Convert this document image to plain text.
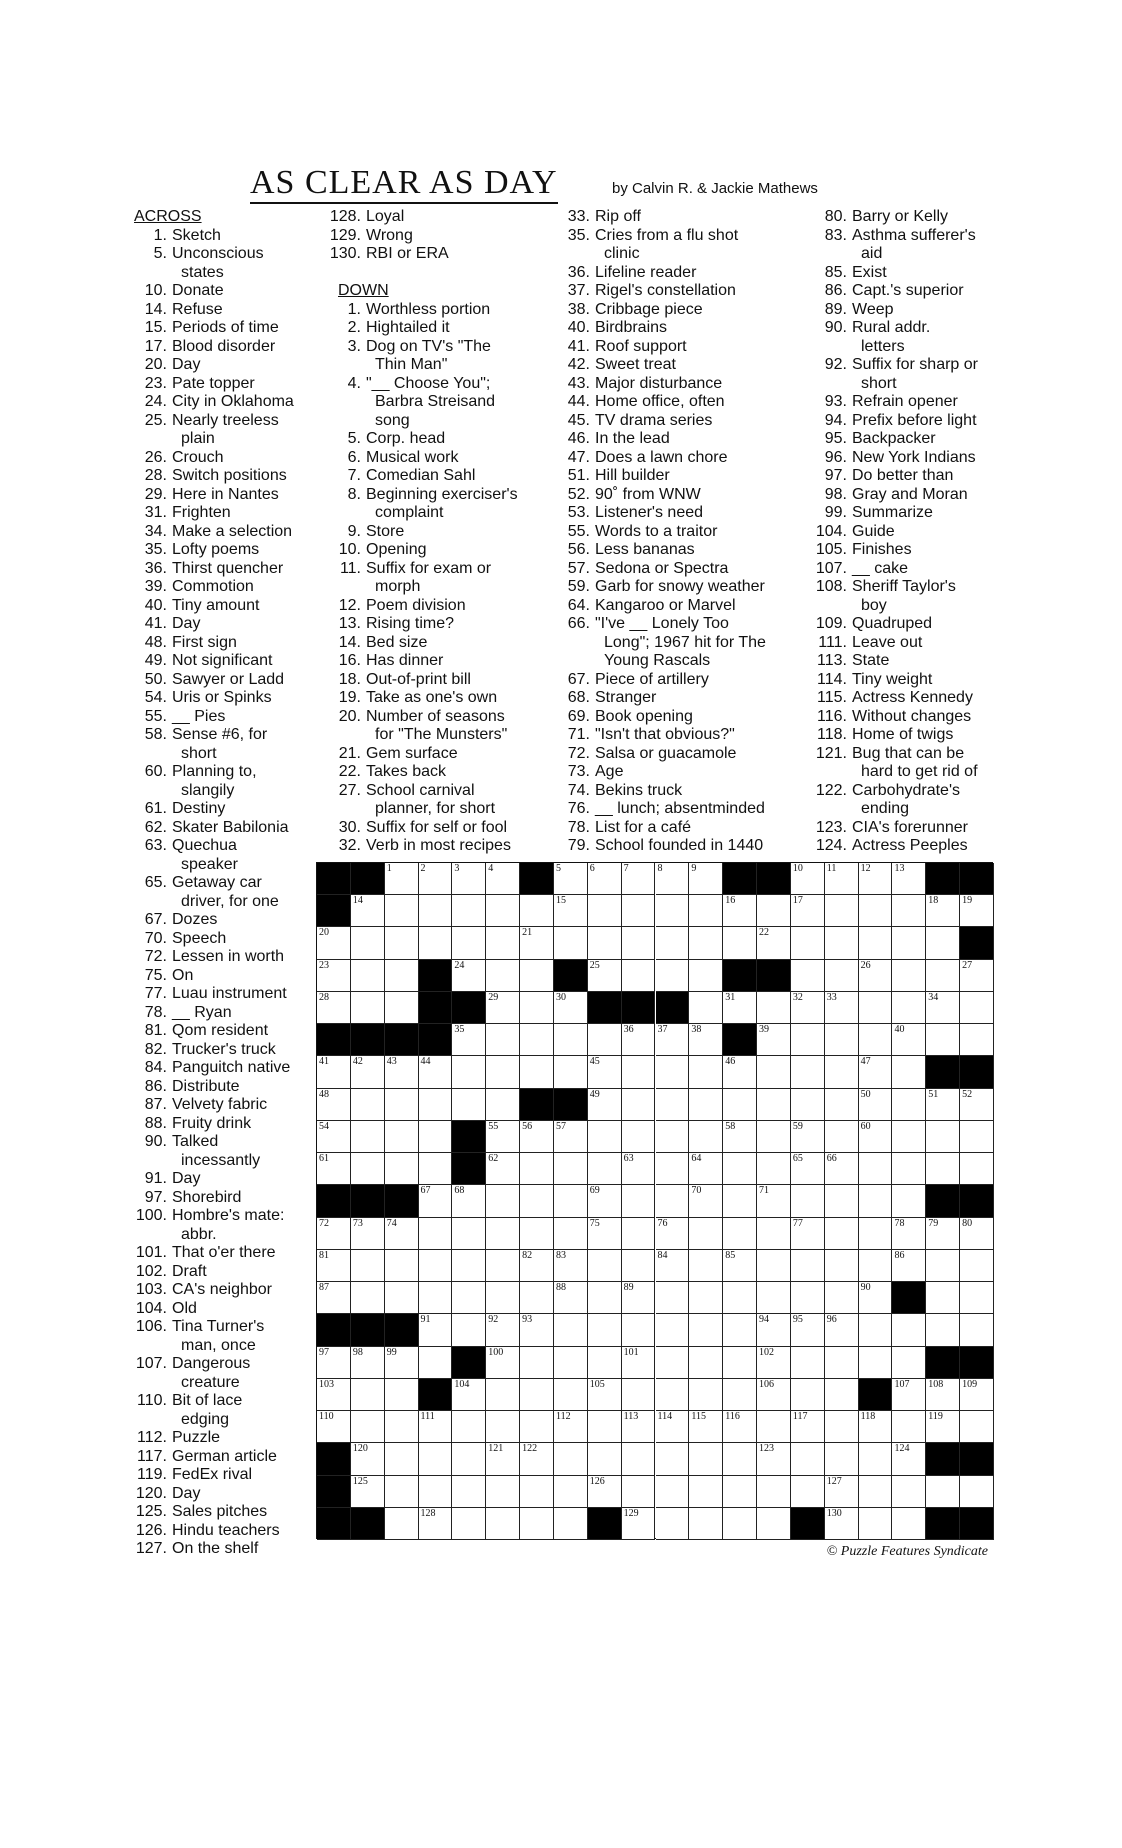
AS CLEAR AS DAY	by Calvin R. & Jackie Mathews
ACROSS
1. Sketch
5. Unconscious
states
10. Donate
14. Refuse
15. Periods of time
17. Blood disorder
20. Day
23. Pate topper
24. City in Oklahoma
25. Nearly treeless
plain
26. Crouch
28. Switch positions
29. Here in Nantes
31. Frighten
34. Make a selection
35. Lofty poems
36. Thirst quencher
39. Commotion
40. Tiny amount
41. Day
48. First sign
49. Not significant
50. Sawyer or Ladd
54. Uris or Spinks
55. __ Pies
58. Sense #6, for
short
60. Planning to,
slangily
61. Destiny
62. Skater Babilonia
63. Quechua
speaker
65. Getaway car
driver, for one
67. Dozes
70. Speech
72. Lessen in worth
75. On
77. Luau instrument
78. __ Ryan
81. Qom resident
82. Trucker's truck
84. Panguitch native
86. Distribute
87. Velvety fabric
88. Fruity drink
90. Talked
incessantly
91. Day
97. Shorebird
100. Hombre's mate:
abbr.
101. That o'er there
102. Draft
103. CA's neighbor
104. Old
106. Tina Turner's
man, once
107. Dangerous
creature
110. Bit of lace
edging
112. Puzzle
117. German article
119. FedEx rival
120. Day
125. Sales pitches
126. Hindu teachers
127. On the shelf
128. Loyal
129. Wrong
130. RBI or ERA
DOWN
1. Worthless portion
2. Hightailed it
3. Dog on TV's "The
Thin Man"
4. "__ Choose You";
Barbra Streisand
song
5. Corp. head
6. Musical work
7. Comedian Sahl
8. Beginning exerciser's
complaint
9. Store
10. Opening
11. Suffix for exam or
morph
12. Poem division
13. Rising time?
14. Bed size
16. Has dinner
18. Out-of-print bill
19. Take as one's own
20. Number of seasons
for "The Munsters"
21. Gem surface
22. Takes back
27. School carnival
planner, for short
30. Suffix for self or fool
32. Verb in most recipes
33. Rip off
35. Cries from a flu shot
clinic
36. Lifeline reader
37. Rigel's constellation
38. Cribbage piece
40. Birdbrains
41. Roof support
42. Sweet treat
43. Major disturbance
44. Home office, often
45. TV drama series
46. In the lead
47. Does a lawn chore
51. Hill builder
52. 90˚ from WNW
53. Listener's need
55. Words to a traitor
56. Less bananas
57. Sedona or Spectra
59. Garb for snowy weather
64. Kangaroo or Marvel
66. "I've __ Lonely Too
Long"; 1967 hit for The
Young Rascals
67. Piece of artillery
68. Stranger
69. Book opening
71. "Isn't that obvious?"
72. Salsa or guacamole
73. Age
74. Bekins truck
76. __ lunch; absentminded
78. List for a café
79. School founded in 1440
80. Barry or Kelly
83. Asthma sufferer's
aid
85. Exist
86. Capt.'s superior
89. Weep
90. Rural addr.
letters
92. Suffix for sharp or
short
93. Refrain opener
94. Prefix before light
95. Backpacker
96. New York Indians
97. Do better than
98. Gray and Moran
99. Summarize
104. Guide
105. Finishes
107. __ cake
108. Sheriff Taylor's
boy
109. Quadruped
111. Leave out
113. State
114. Tiny weight
115. Actress Kennedy
116. Without changes
118. Home of twigs
121. Bug that can be
hard to get rid of
122. Carbohydrate's
ending
123. CIA's forerunner
124. Actress Peeples
1	2	3	4	5	6	7	8	9	10 11 12 13
14	15	16	17	18 19
20	21	22
23	24	25	26	27
28	29	30	31	32 33	34
35	36 37 38	39	40
41 42 43 44	45	46	47
48	49	50	51 52
54	55 56 57	58	59	60
61	62	63	64	65 66
67 68	69	70	71
72 73 74	75	76	77	78 79 80
81	82 83	84	85	86
87	88	89	90
91	92 93	94 95 96
97 98 99	100	101	102
103	104	105	106	107 108 109
110	111	112	113 114 115 116	117	118	119
120	121 122	123	124
125	126	127
128	129	130
© Puzzle Features Syndicate
